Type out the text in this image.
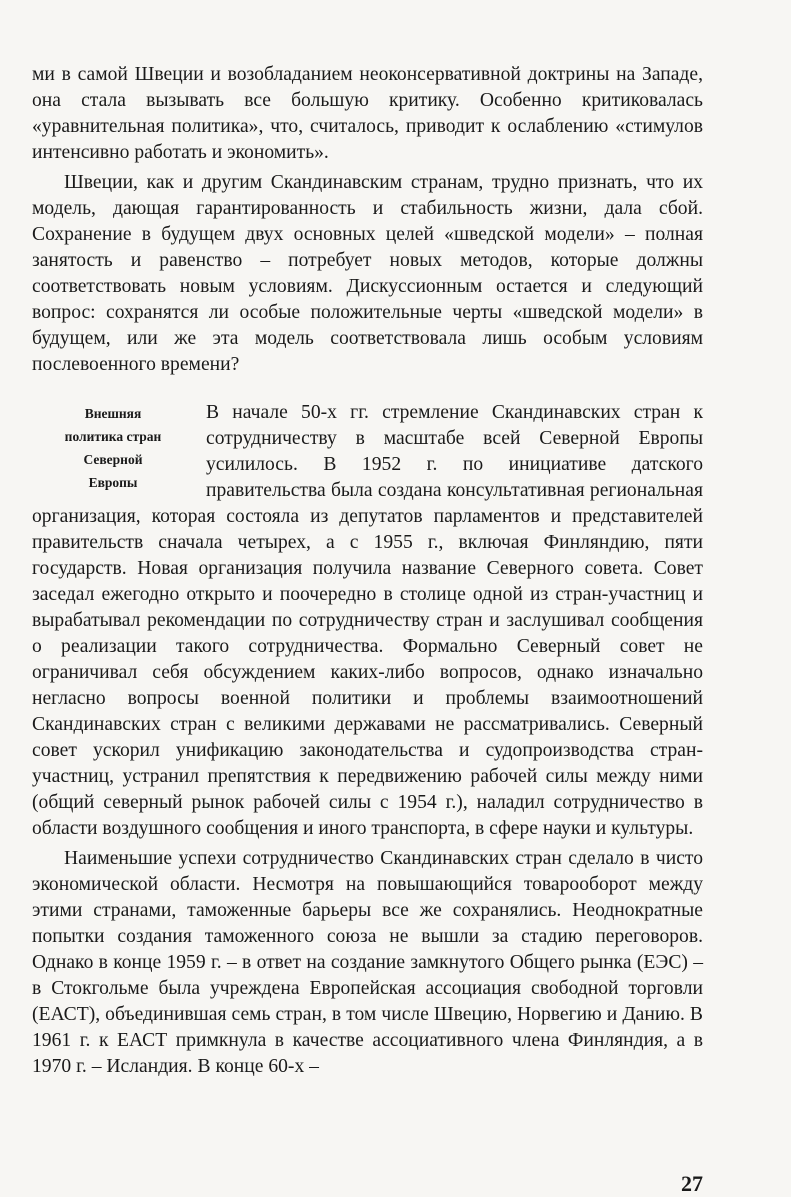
ми в самой Швеции и возобладанием неоконсервативной доктрины на Западе, она стала вызывать все большую критику. Особенно критиковалась «уравнительная политика», что, считалось, приводит к ослаблению «стимулов интенсивно работать и экономить».

Швеции, как и другим Скандинавским странам, трудно признать, что их модель, дающая гарантированность и стабильность жизни, дала сбой. Сохранение в будущем двух основных целей «шведской модели» – полная занятость и равенство – потребует новых методов, которые должны соответствовать новым условиям. Дискуссионным остается и следующий вопрос: сохранятся ли особые положительные черты «шведской модели» в будущем, или же эта модель соответствовала лишь особым условиям послевоенного времени?

Внешняя
политика стран
Северной
Европы

В начале 50-х гг. стремление Скандинавских стран к сотрудничеству в масштабе всей Северной Европы усилилось. В 1952 г. по инициативе датского правительства была создана консультативная региональная организация, которая состояла из депутатов парламентов и представителей правительств сначала четырех, а с 1955 г., включая Финляндию, пяти государств. Новая организация получила название Северного совета. Совет заседал ежегодно открыто и поочередно в столице одной из стран-участниц и вырабатывал рекомендации по сотрудничеству стран и заслушивал сообщения о реализации такого сотрудничества. Формально Северный совет не ограничивал себя обсуждением каких-либо вопросов, однако изначально негласно вопросы военной политики и проблемы взаимоотношений Скандинавских стран с великими державами не рассматривались. Северный совет ускорил унификацию законодательства и судопроизводства стран-участниц, устранил препятствия к передвижению рабочей силы между ними (общий северный рынок рабочей силы с 1954 г.), наладил сотрудничество в области воздушного сообщения и иного транспорта, в сфере науки и культуры.

Наименьшие успехи сотрудничество Скандинавских стран сделало в чисто экономической области. Несмотря на повышающийся товарооборот между этими странами, таможенные барьеры все же сохранялись. Неоднократные попытки создания таможенного союза не вышли за стадию переговоров. Однако в конце 1959 г. – в ответ на создание замкнутого Общего рынка (ЕЭС) – в Стокгольме была учреждена Европейская ассоциация свободной торговли (ЕАСТ), объединившая семь стран, в том числе Швецию, Норвегию и Данию. В 1961 г. к ЕАСТ примкнула в качестве ассоциативного члена Финляндия, а в 1970 г. – Исландия. В конце 60-х –

27
